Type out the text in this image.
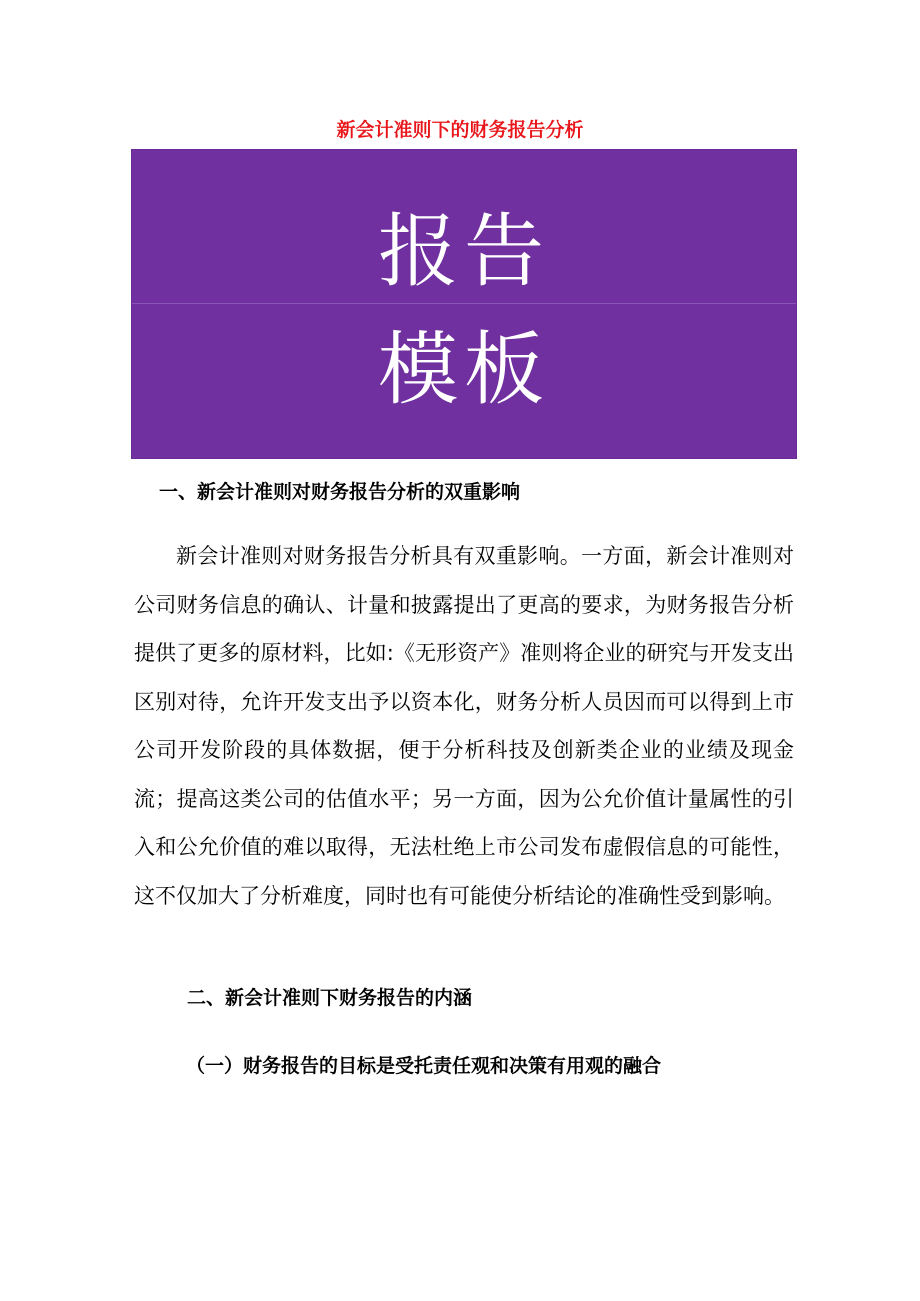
新会计准则下的财务报告分析
报告
模板
一、新会计准则对财务报告分析的双重影响

新会计准则对财务报告分析具有双重影响。一方面，新会计准则对公司财务信息的确认、计量和披露提出了更高的要求，为财务报告分析提供了更多的原材料，比如:《无形资产》准则将企业的研究与开发支出区别对待，允许开发支出予以资本化，财务分析人员因而可以得到上市公司开发阶段的具体数据，便于分析科技及创新类企业的业绩及现金流；提高这类公司的估值水平；另一方面，因为公允价值计量属性的引入和公允价值的难以取得，无法杜绝上市公司发布虚假信息的可能性，这不仅加大了分析难度，同时也有可能使分析结论的准确性受到影响。

二、新会计准则下财务报告的内涵
（一）财务报告的目标是受托责任观和决策有用观的融合
